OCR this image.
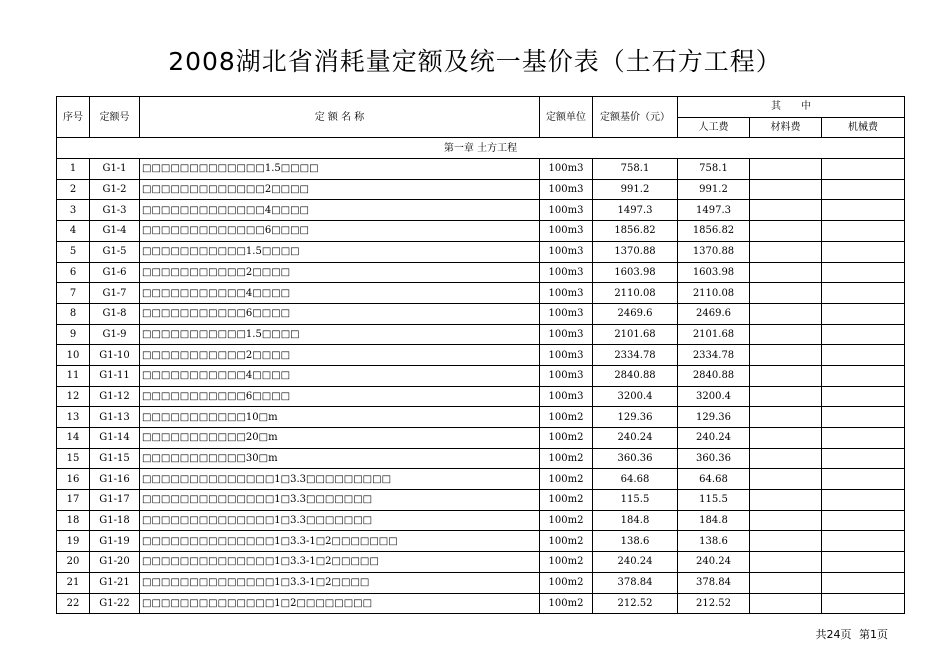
2008湖北省消耗量定额及统一基价表（土石方工程）
序号	定额号	定 额 名 称	定额单位	定额基价（元）	其　　中		
					人工费	材料费	机械费
第一章 土方工程							
1	G1-1	□□□□□□□□□□□□□1.5□□□□	100m3	758.1	758.1		
2	G1-2	□□□□□□□□□□□□□2□□□□	100m3	991.2	991.2		
3	G1-3	□□□□□□□□□□□□□4□□□□	100m3	1497.3	1497.3		
4	G1-4	□□□□□□□□□□□□□6□□□□	100m3	1856.82	1856.82		
5	G1-5	□□□□□□□□□□□1.5□□□□	100m3	1370.88	1370.88		
6	G1-6	□□□□□□□□□□□2□□□□	100m3	1603.98	1603.98		
7	G1-7	□□□□□□□□□□□4□□□□	100m3	2110.08	2110.08		
8	G1-8	□□□□□□□□□□□6□□□□	100m3	2469.6	2469.6		
9	G1-9	□□□□□□□□□□□1.5□□□□	100m3	2101.68	2101.68		
10	G1-10	□□□□□□□□□□□2□□□□	100m3	2334.78	2334.78		
11	G1-11	□□□□□□□□□□□4□□□□	100m3	2840.88	2840.88		
12	G1-12	□□□□□□□□□□□6□□□□	100m3	3200.4	3200.4		
13	G1-13	□□□□□□□□□□□10□m	100m2	129.36	129.36		
14	G1-14	□□□□□□□□□□□20□m	100m2	240.24	240.24		
15	G1-15	□□□□□□□□□□□30□m	100m2	360.36	360.36		
16	G1-16	□□□□□□□□□□□□□□1□3.3□□□□□□□□□	100m2	64.68	64.68		
17	G1-17	□□□□□□□□□□□□□□1□3.3□□□□□□□	100m2	115.5	115.5		
18	G1-18	□□□□□□□□□□□□□□1□3.3□□□□□□□	100m2	184.8	184.8		
19	G1-19	□□□□□□□□□□□□□□1□3.3-1□2□□□□□□□	100m2	138.6	138.6		
20	G1-20	□□□□□□□□□□□□□□1□3.3-1□2□□□□□	100m2	240.24	240.24		
21	G1-21	□□□□□□□□□□□□□□1□3.3-1□2□□□□	100m2	378.84	378.84		
22	G1-22	□□□□□□□□□□□□□□1□2□□□□□□□□	100m2	212.52	212.52		
共24页 第1页
